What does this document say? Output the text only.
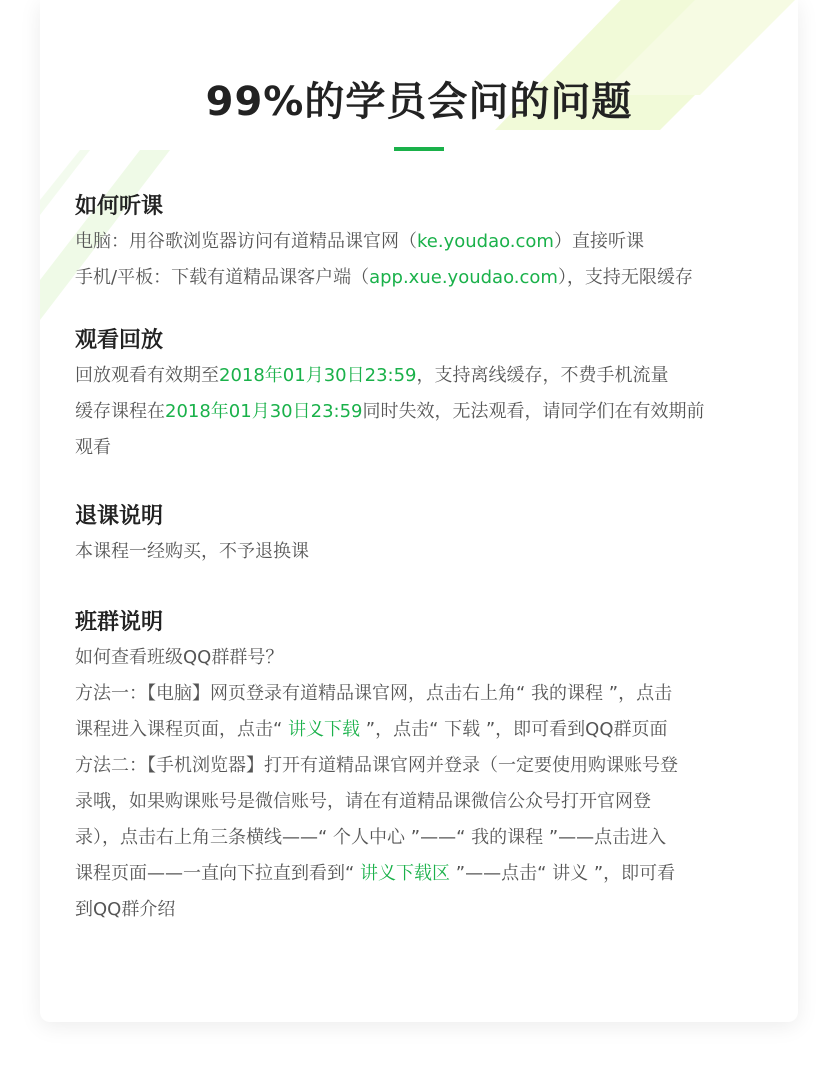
99%的学员会问的问题
如何听课
电脑：用谷歌浏览器访问有道精品课官网（ke.youdao.com）直接听课
手机/平板：下载有道精品课客户端（app.xue.youdao.com），支持无限缓存
观看回放
回放观看有效期至2018年01月30日23:59，支持离线缓存，不费手机流量
缓存课程在2018年01月30日23:59同时失效，无法观看，请同学们在有效期前
观看
退课说明
本课程一经购买，不予退换课
班群说明
如何查看班级QQ群群号？
方法一：【电脑】网页登录有道精品课官网，点击右上角“ 我的课程 ”，点击
课程进入课程页面，点击“ 讲义下载 ”，点击“ 下载 ”，即可看到QQ群页面
方法二：【手机浏览器】打开有道精品课官网并登录（一定要使用购课账号登
录哦，如果购课账号是微信账号，请在有道精品课微信公众号打开官网登
录），点击右上角三条横线——“ 个人中心 ”——“ 我的课程 ”——点击进入
课程页面——一直向下拉直到看到“ 讲义下载区 ”——点击“ 讲义 ”，即可看
到QQ群介绍
